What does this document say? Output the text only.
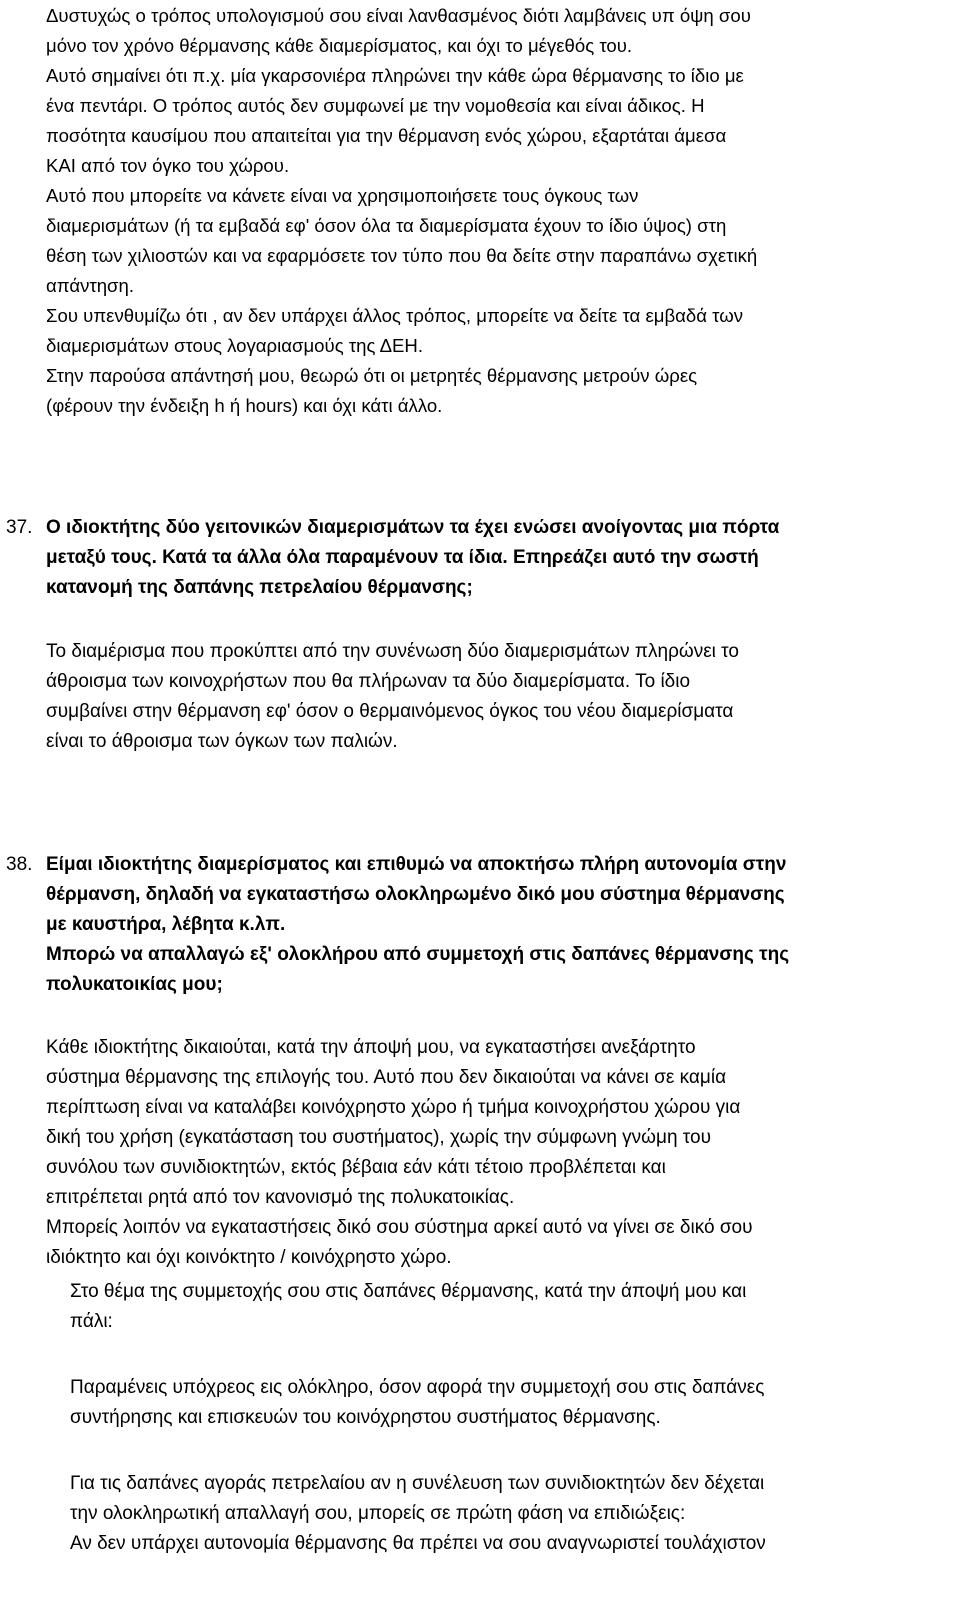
Δυστυχώς ο τρόπος υπολογισμού σου είναι λανθασμένος διότι λαμβάνεις υπ όψη σου
μόνο τον χρόνο θέρμανσης κάθε διαμερίσματος, και όχι το μέγεθός του.
Αυτό σημαίνει ότι π.χ. μία γκαρσονιέρα πληρώνει την κάθε ώρα θέρμανσης το ίδιο με
ένα πεντάρι. Ο τρόπος αυτός δεν συμφωνεί με την νομοθεσία και είναι άδικος. Η
ποσότητα καυσίμου που απαιτείται για την θέρμανση ενός χώρου, εξαρτάται άμεσα
ΚΑΙ από τον όγκο του χώρου.
Αυτό που μπορείτε να κάνετε είναι να χρησιμοποιήσετε τους όγκους των
διαμερισμάτων (ή τα εμβαδά εφ' όσον όλα τα διαμερίσματα έχουν το ίδιο ύψος) στη
θέση των χιλιοστών και να εφαρμόσετε τον τύπο που θα δείτε στην παραπάνω σχετική
απάντηση.
Σου υπενθυμίζω ότι , αν δεν υπάρχει άλλος τρόπος, μπορείτε να δείτε τα εμβαδά των
διαμερισμάτων στους λογαριασμούς της ΔΕΗ.
Στην παρούσα απάντησή μου, θεωρώ ότι οι μετρητές θέρμανσης μετρούν ώρες
(φέρουν την ένδειξη h ή hours) και όχι κάτι άλλο.
37. Ο ιδιοκτήτης δύο γειτονικών διαμερισμάτων τα έχει ενώσει ανοίγοντας μια πόρτα
μεταξύ τους. Κατά τα άλλα όλα παραμένουν τα ίδια. Επηρεάζει αυτό την σωστή
κατανομή της δαπάνης πετρελαίου θέρμανσης;
Το διαμέρισμα που προκύπτει από την συνένωση δύο διαμερισμάτων πληρώνει το
άθροισμα των κοινοχρήστων που θα πλήρωναν τα δύο διαμερίσματα. Το ίδιο
συμβαίνει στην θέρμανση εφ' όσον ο θερμαινόμενος όγκος του νέου διαμερίσματα
είναι το άθροισμα των όγκων των παλιών.
38. Είμαι ιδιοκτήτης διαμερίσματος και επιθυμώ να αποκτήσω πλήρη αυτονομία στην
θέρμανση, δηλαδή να εγκαταστήσω ολοκληρωμένο δικό μου σύστημα θέρμανσης
με καυστήρα, λέβητα κ.λπ.
Μπορώ να απαλλαγώ εξ' ολοκλήρου από συμμετοχή στις δαπάνες θέρμανσης της
πολυκατοικίας μου;
Κάθε ιδιοκτήτης δικαιούται, κατά την άποψή μου, να εγκαταστήσει ανεξάρτητο
σύστημα θέρμανσης της επιλογής του. Αυτό που δεν δικαιούται να κάνει σε καμία
περίπτωση είναι να καταλάβει κοινόχρηστο χώρο ή τμήμα κοινοχρήστου χώρου για
δική του χρήση (εγκατάσταση του συστήματος), χωρίς την σύμφωνη γνώμη του
συνόλου των συνιδιοκτητών, εκτός βέβαια εάν κάτι τέτοιο προβλέπεται και
επιτρέπεται ρητά από τον κανονισμό της πολυκατοικίας.
Μπορείς λοιπόν να εγκαταστήσεις δικό σου σύστημα αρκεί αυτό να γίνει σε δικό σου
ιδιόκτητο και όχι κοινόκτητο / κοινόχρηστο χώρο.
Στο θέμα της συμμετοχής σου στις δαπάνες θέρμανσης, κατά την άποψή μου και
πάλι:
Παραμένεις υπόχρεος εις ολόκληρο, όσον αφορά την συμμετοχή σου στις δαπάνες
συντήρησης και επισκευών του κοινόχρηστου συστήματος θέρμανσης.
Για τις δαπάνες αγοράς πετρελαίου αν η συνέλευση των συνιδιοκτητών δεν δέχεται
την ολοκληρωτική απαλλαγή σου, μπορείς σε πρώτη φάση να επιδιώξεις:
Αν δεν υπάρχει αυτονομία θέρμανσης θα πρέπει να σου αναγνωριστεί τουλάχιστον
